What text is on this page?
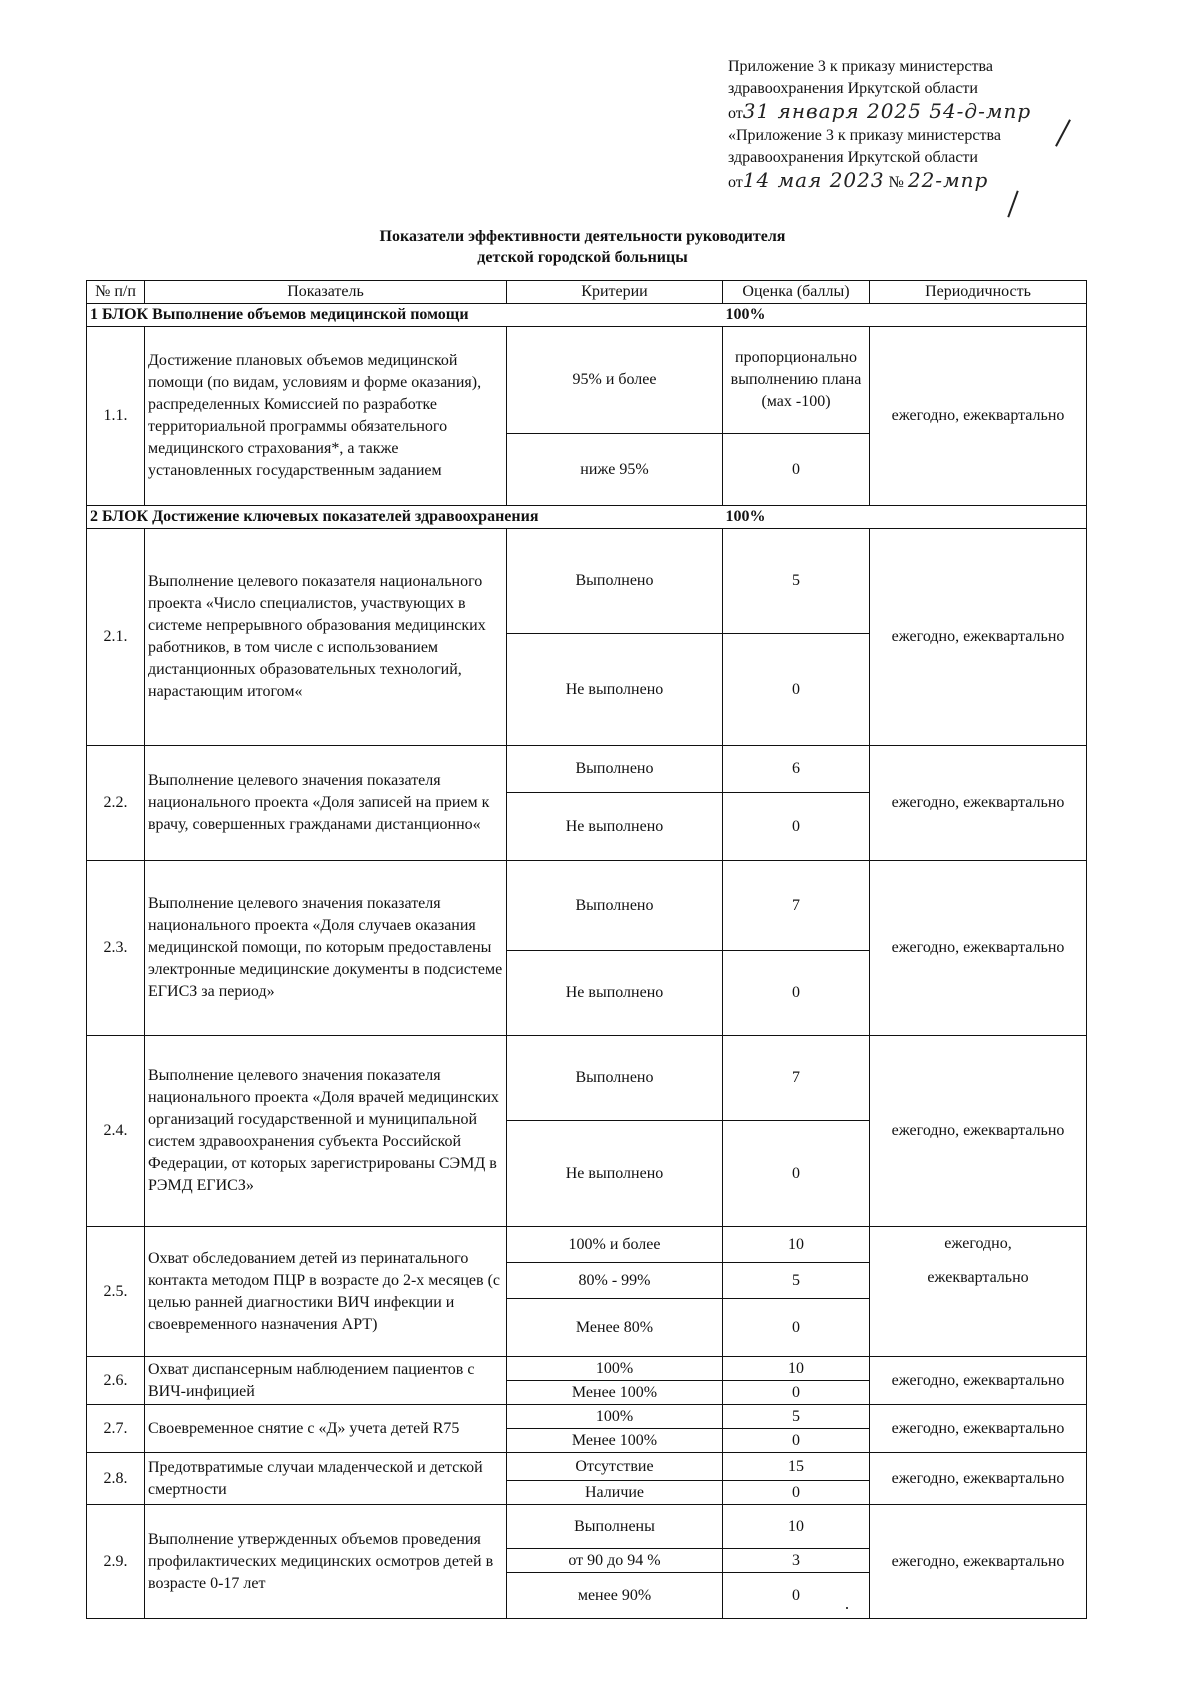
Приложение 3 к приказу министерства
здравоохранения Иркутской области
от31 января 2025 54-д-мпр
«Приложение 3 к приказу министерства
здравоохранения Иркутской области
от14 мая 2023 № 22-мпр
Показатели эффективности деятельности руководителя
детской городской больницы
№ п/п	Показатель	Критерии	Оценка (баллы)	Периодичность
1 БЛОК Выполнение объемов медицинской помощи			100%	
1.1.	Достижение плановых объемов медицинской помощи (по видам, условиям и форме оказания), распределенных Комиссией по разработке территориальной программы обязательного медицинского страхования*, а также установленных государственным заданием	95% и более	пропорционально выполнению плана (мах -100)	ежегодно, ежеквартально
		ниже 95%	0	
2 БЛОК Достижение ключевых показателей здравоохранения			100%	
2.1.	Выполнение целевого показателя национального проекта «Число специалистов, участвующих в системе непрерывного образования медицинских работников, в том числе с использованием дистанционных образовательных технологий, нарастающим итогом«	Выполнено	5	ежегодно, ежеквартально
		Не выполнено	0	
2.2.	Выполнение целевого значения показателя национального проекта «Доля записей на прием к врачу, совершенных гражданами дистанционно«	Выполнено	6	ежегодно, ежеквартально
		Не выполнено	0	
2.3.	Выполнение целевого значения показателя национального проекта «Доля случаев оказания медицинской помощи, по которым предоставлены электронные медицинские документы в подсистеме ЕГИСЗ за период»	Выполнено	7	ежегодно, ежеквартально
		Не выполнено	0	
2.4.	Выполнение целевого значения показателя национального проекта «Доля врачей медицинских организаций государственной и муниципальной систем здравоохранения субъекта Российской Федерации, от которых зарегистрированы СЭМД в РЭМД ЕГИСЗ»	Выполнено	7	ежегодно, ежеквартально
		Не выполнено	0	
2.5.	Охват обследованием детей из перинатального контакта методом ПЦР в возрасте до 2-х месяцев (с целью ранней диагностики ВИЧ инфекции и своевременного назначения АРТ)	100% и более	10	ежегодно,
ежеквартально

		80% - 99%	5	
		Менее 80%	0	
2.6.	Охват диспансерным наблюдением пациентов с ВИЧ-инфицией	100%	10	ежегодно, ежеквартально
		Менее 100%	0	
2.7.	Своевременное снятие с «Д» учета детей R75	100%	5	ежегодно, ежеквартально
		Менее 100%	0	
2.8.	Предотвратимые случаи младенческой и детской смертности	Отсутствие	15	ежегодно, ежеквартально
		Наличие	0	
2.9.	Выполнение утвержденных объемов проведения профилактических медицинских осмотров детей в возрасте 0-17 лет	Выполнены	10	ежегодно, ежеквартально
		от 90 до 94 %	3	
		менее 90%	0	
